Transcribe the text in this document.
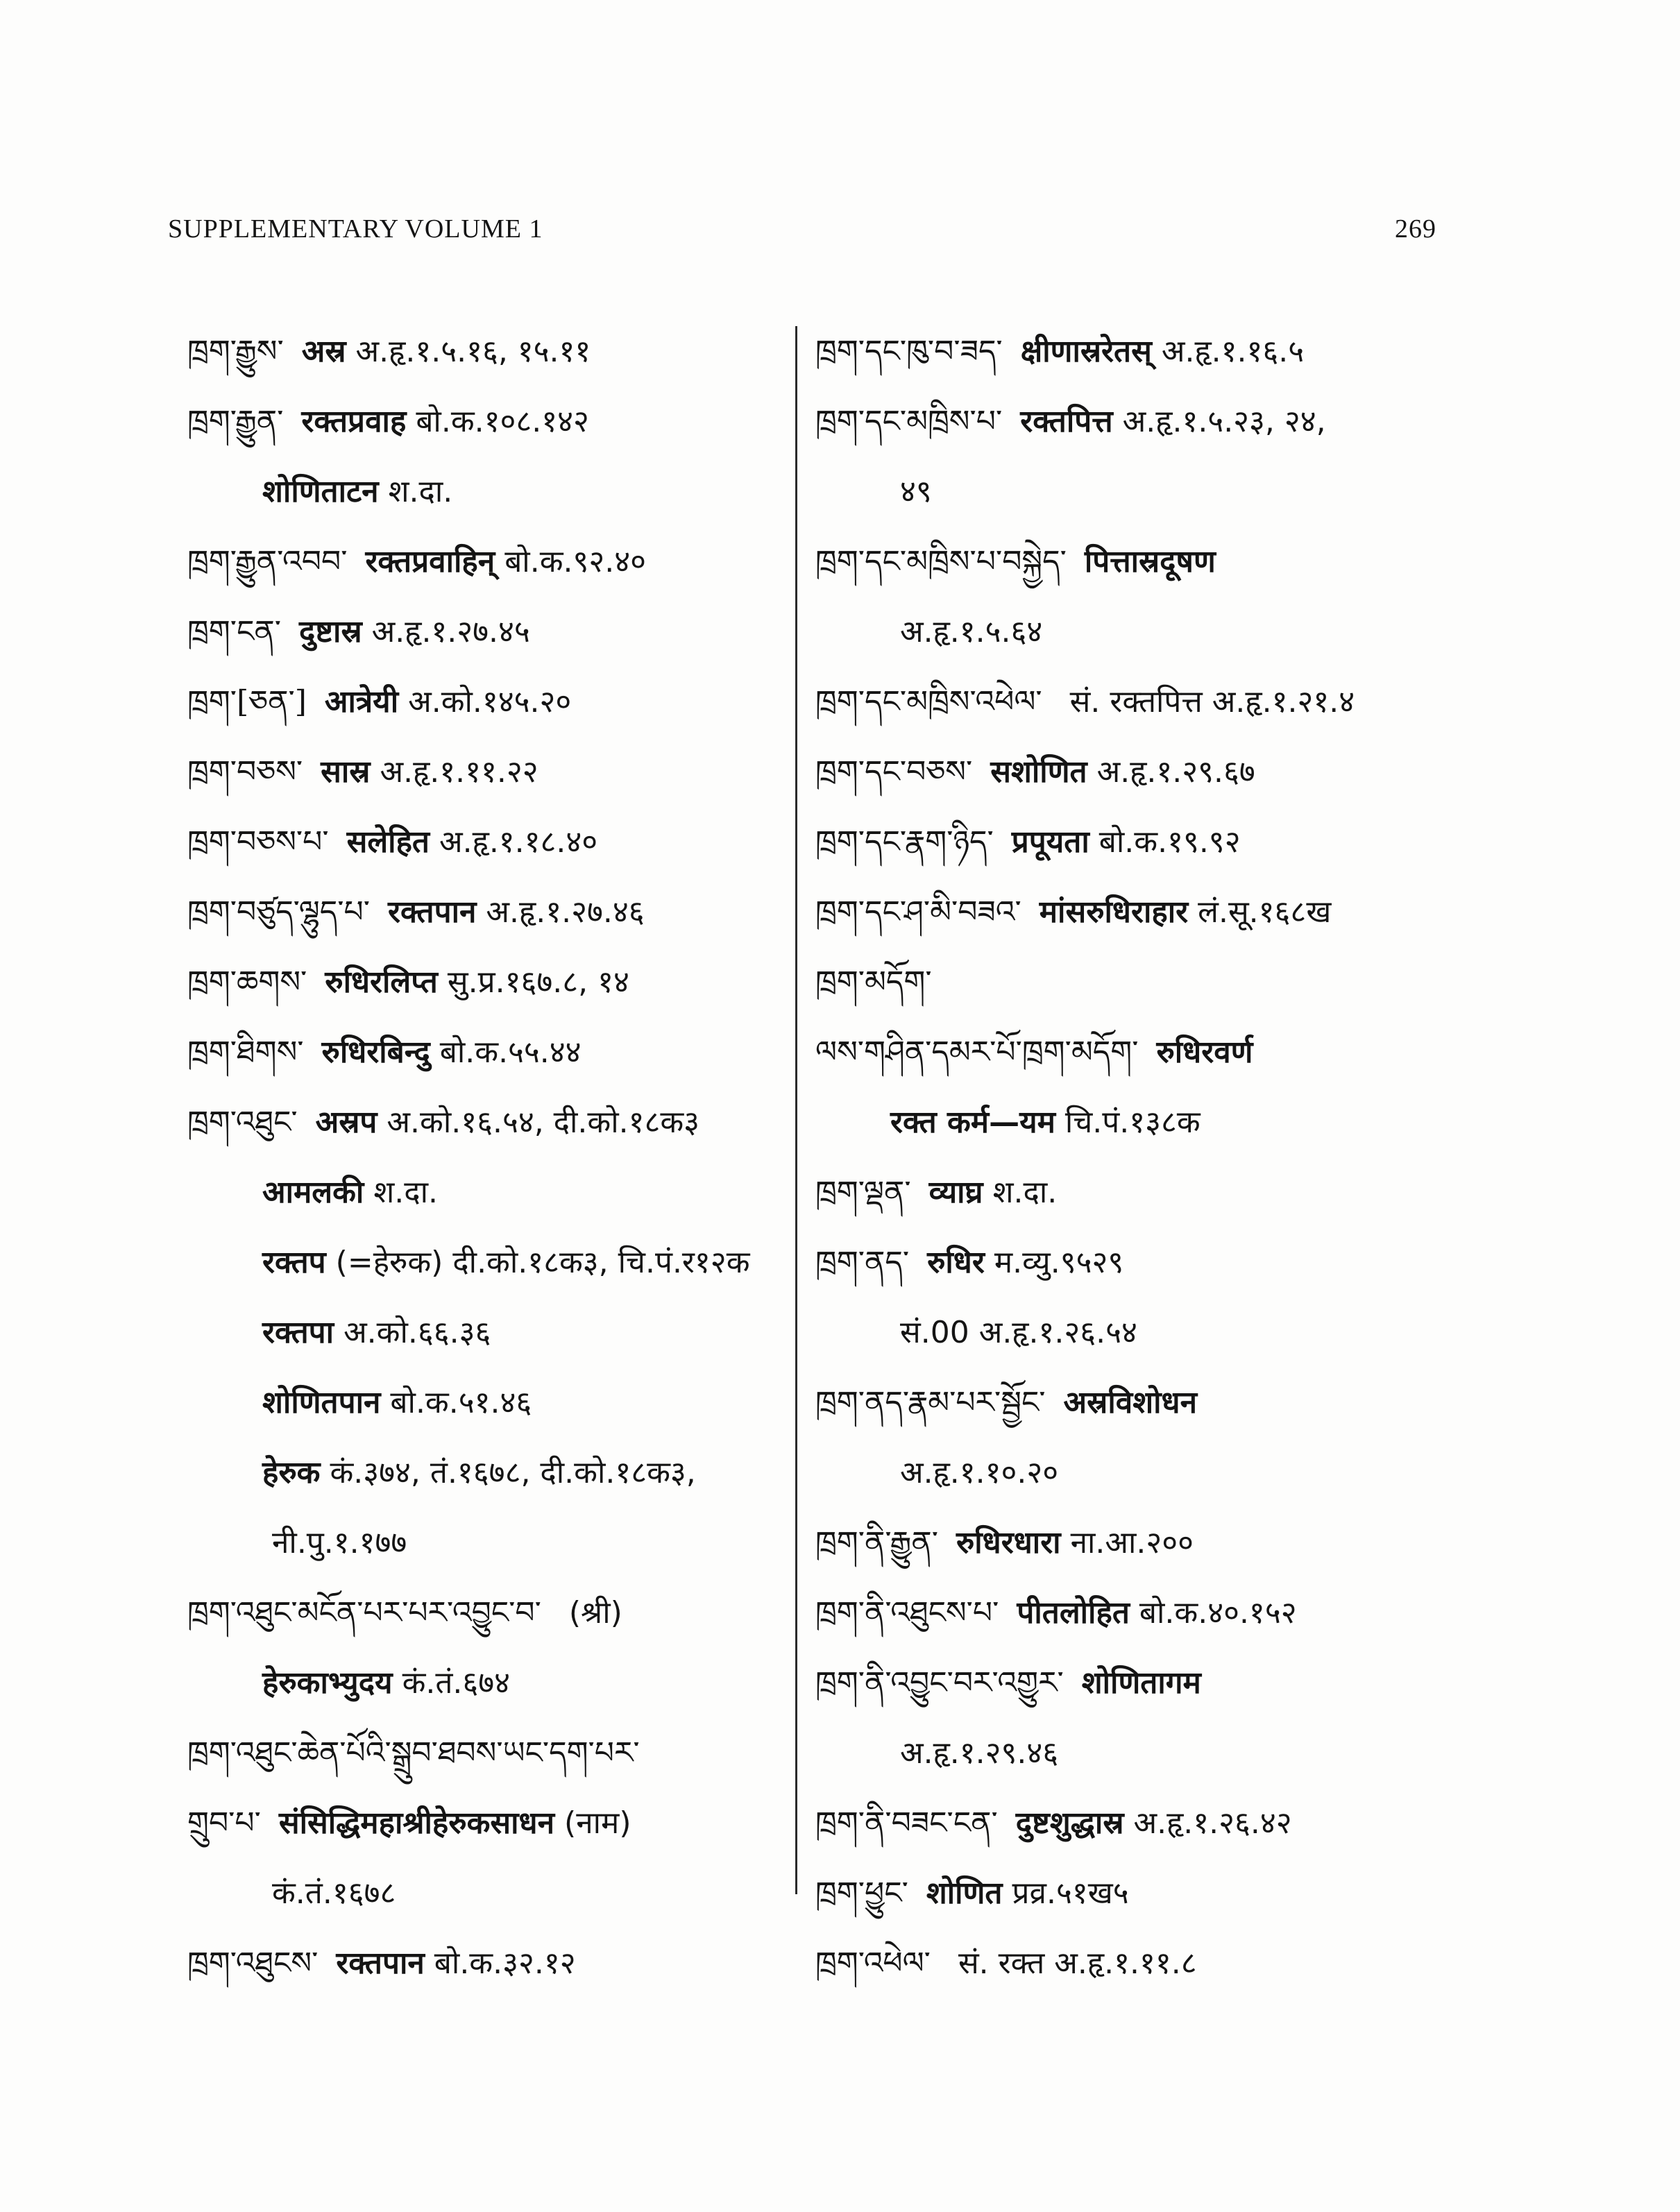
SUPPLEMENTARY VOLUME 1	269
ཁྲག་རྒྱུས་ अस्र अ.हृ.१.५.१६, १५.११
ཁྲག་རྒྱུན་ रक्तप्रवाह बो.क.१०८.१४२
शोणिताटन श.दा.
ཁྲག་རྒྱུན་འབབ་ रक्तप्रवाहिन् बो.क.९२.४०
ཁྲག་ངན་ दुष्टास्र अ.हृ.१.२७.४५
ཁྲག་[ཅན་] आत्रेयी अ.को.१४५.२०
ཁྲག་བཅས་ सास्र अ.हृ.१.११.२२
ཁྲག་བཅས་པ་ सलेहित अ.हृ.१.१८.४०
ཁྲག་བཙུད་ལྷུད་པ་ रक्तपान अ.हृ.१.२७.४६
ཁྲག་ཆགས་ रुधिरलिप्त सु.प्र.१६७.८, १४
ཁྲག་ཐིགས་ रुधिरबिन्दु बो.क.५५.४४
ཁྲག་འཐུང་ अस्रप अ.को.१६.५४, दी.को.१८क३
आमलकी श.दा.
रक्तप (=हेरुक) दी.को.१८क३, चि.पं.र१२क
रक्तपा अ.को.६६.३६
शोणितपान बो.क.५१.४६
हेरुक कं.३७४, तं.१६७८, दी.को.१८क३,
नी.पु.१.१७७
ཁྲག་འཐུང་མངོན་པར་པར་འབྱུང་བ་ (श्री)
हेरुकाभ्युदय कं.तं.६७४
ཁྲག་འཐུང་ཆེན་པོའི་སྒྲུབ་ཐབས་ཡང་དག་པར་
གྲུབ་པ་ संसिद्धिमहाश्रीहेरुकसाधन (नाम)
कं.तं.१६७८
ཁྲག་འཐུངས་ रक्तपान बो.क.३२.१२
ཁྲག་དང་ཁུ་བ་ཟད་ क्षीणास्ररेतस् अ.हृ.१.१६.५
ཁྲག་དང་མཁྲིས་པ་ रक्तपित्त अ.हृ.१.५.२३, २४,
४९
ཁྲག་དང་མཁྲིས་པ་བསྐྱེད་ पित्तास्रदूषण
अ.हृ.१.५.६४
ཁྲག་དང་མཁྲིས་འཕེལ་ सं. रक्तपित्त अ.हृ.१.२१.४
ཁྲག་དང་བཅས་ सशोणित अ.हृ.१.२९.६७
ཁྲག་དང་རྣག་ཉིད་ प्रपूयता बो.क.१९.९२
ཁྲག་དང་ཤ་མི་བཟའ་ मांसरुधिराहार लं.सू.१६८ख
ཁྲག་མདོག་
ལས་གཤིན་དམར་པོ་ཁྲག་མདོག་ रुधिरवर्ण
रक्त कर्म—यम चि.पं.१३८क
ཁྲག་ལྡན་ व्याघ्र श.दा.
ཁྲག་ནད་ रुधिर म.व्यु.९५२९
सं.00 अ.हृ.१.२६.५४
ཁྲག་ནད་རྣམ་པར་སྦྱོང་ अस्रविशोधन
अ.हृ.१.१०.२०
ཁྲག་ནི་རྒྱུན་ रुधिरधारा ना.आ.२००
ཁྲག་ནི་འཐུངས་པ་ पीतलोहित बो.क.४०.१५२
ཁྲག་ནི་འབྱུང་བར་འགྱུར་ शोणितागम
अ.हृ.१.२९.४६
ཁྲག་ནི་བཟང་ངན་ दुष्टशुद्धास्र अ.हृ.१.२६.४२
ཁྲག་ཕྱུང་ शोणित प्रव्र.५१ख५
ཁྲག་འཕེལ་ सं. रक्त अ.हृ.१.११.८
